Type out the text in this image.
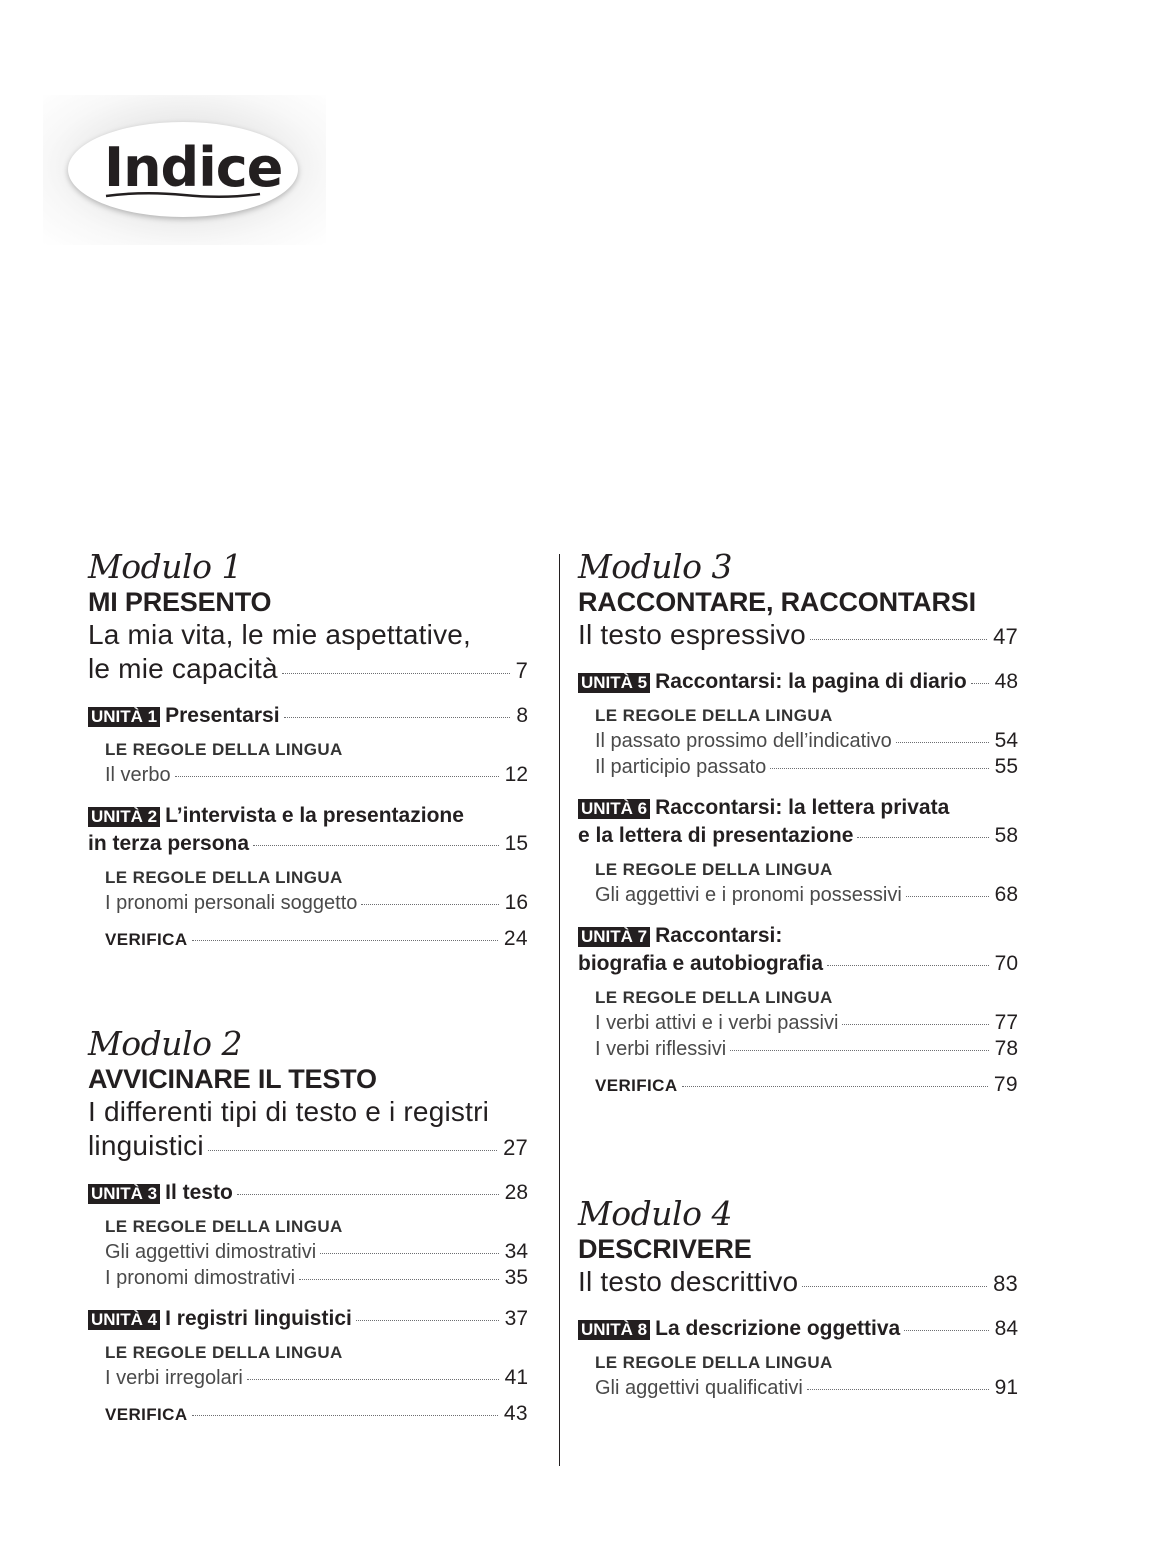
Indice
Modulo 1
MI PRESENTO
La mia vita, le mie aspettative,
le mie capacità	7
UNITÀ 1 Presentarsi	8
LE REGOLE DELLA LINGUA
Il verbo	12
UNITÀ 2 L’intervista e la presentazione
in terza persona	15
LE REGOLE DELLA LINGUA
I pronomi personali soggetto	16
VERIFICA	24
Modulo 2
AVVICINARE IL TESTO
I differenti tipi di testo e i registri
linguistici	27
UNITÀ 3 Il testo	28
LE REGOLE DELLA LINGUA
Gli aggettivi dimostrativi	34
I pronomi dimostrativi	35
UNITÀ 4 I registri linguistici	37
LE REGOLE DELLA LINGUA
I verbi irregolari	41
VERIFICA	43
Modulo 3
RACCONTARE, RACCONTARSI
Il testo espressivo	47
UNITÀ 5 Raccontarsi: la pagina di diario 48
LE REGOLE DELLA LINGUA
Il passato prossimo dell’indicativo	54
Il participio passato	55
UNITÀ 6 Raccontarsi: la lettera privata
e la lettera di presentazione	58
LE REGOLE DELLA LINGUA
Gli aggettivi e i pronomi possessivi	68
UNITÀ 7 Raccontarsi:
biografia e autobiografia	70
LE REGOLE DELLA LINGUA
I verbi attivi e i verbi passivi	77
I verbi riflessivi	78
VERIFICA	79
Modulo 4
DESCRIVERE
Il testo descrittivo	83
UNITÀ 8 La descrizione oggettiva	84
LE REGOLE DELLA LINGUA
Gli aggettivi qualificativi	91
